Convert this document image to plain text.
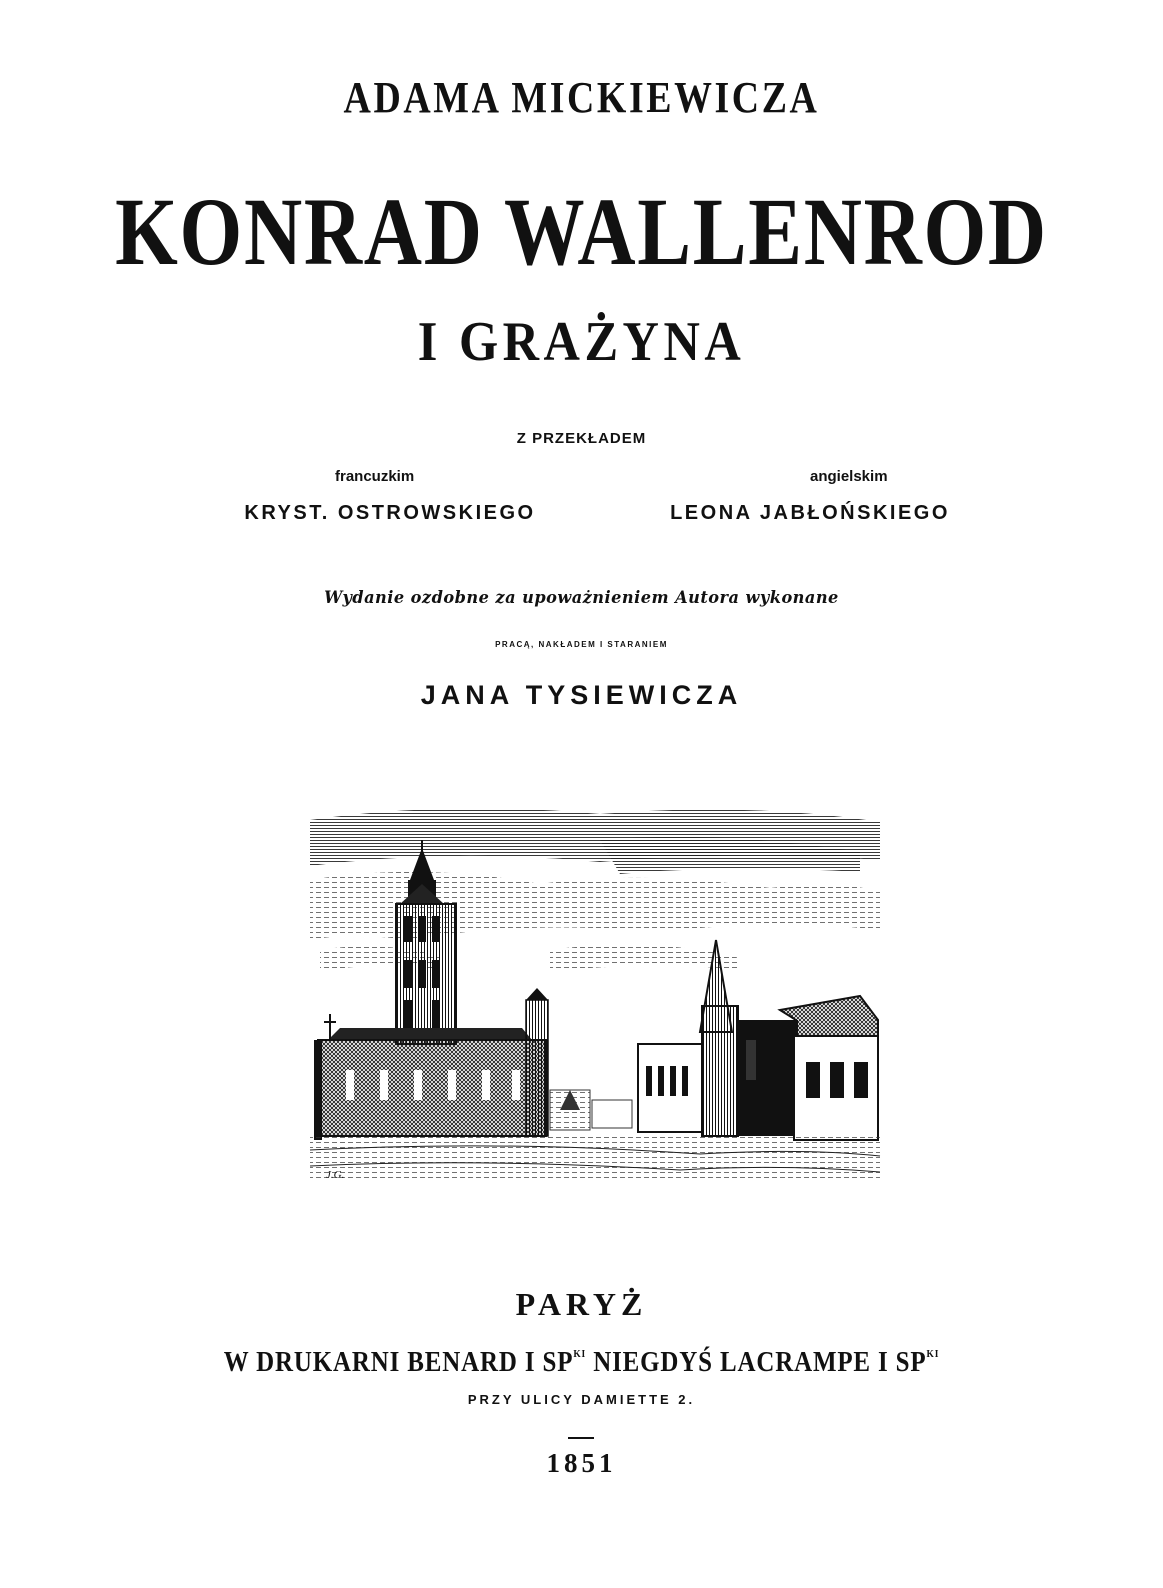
ADAMA MICKIEWICZA
KONRAD WALLENROD
I GRAŻYNA
Z PRZEKŁADEM
francuzkim
KRYST. OSTROWSKIEGO
angielskim
LEONA JABŁOŃSKIEGO
Wydanie ozdobne za upoważnieniem Autora wykonane
PRACĄ, NAKŁADEM I STARANIEM
JANA TYSIEWICZA
J.G.
PARYŻ
W DRUKARNI BENARD I $SP^{KI}$ NIEGDYŚ LACRAMPE I $SP^{KI}$
PRZY ULICY DAMIETTE 2.
1851
